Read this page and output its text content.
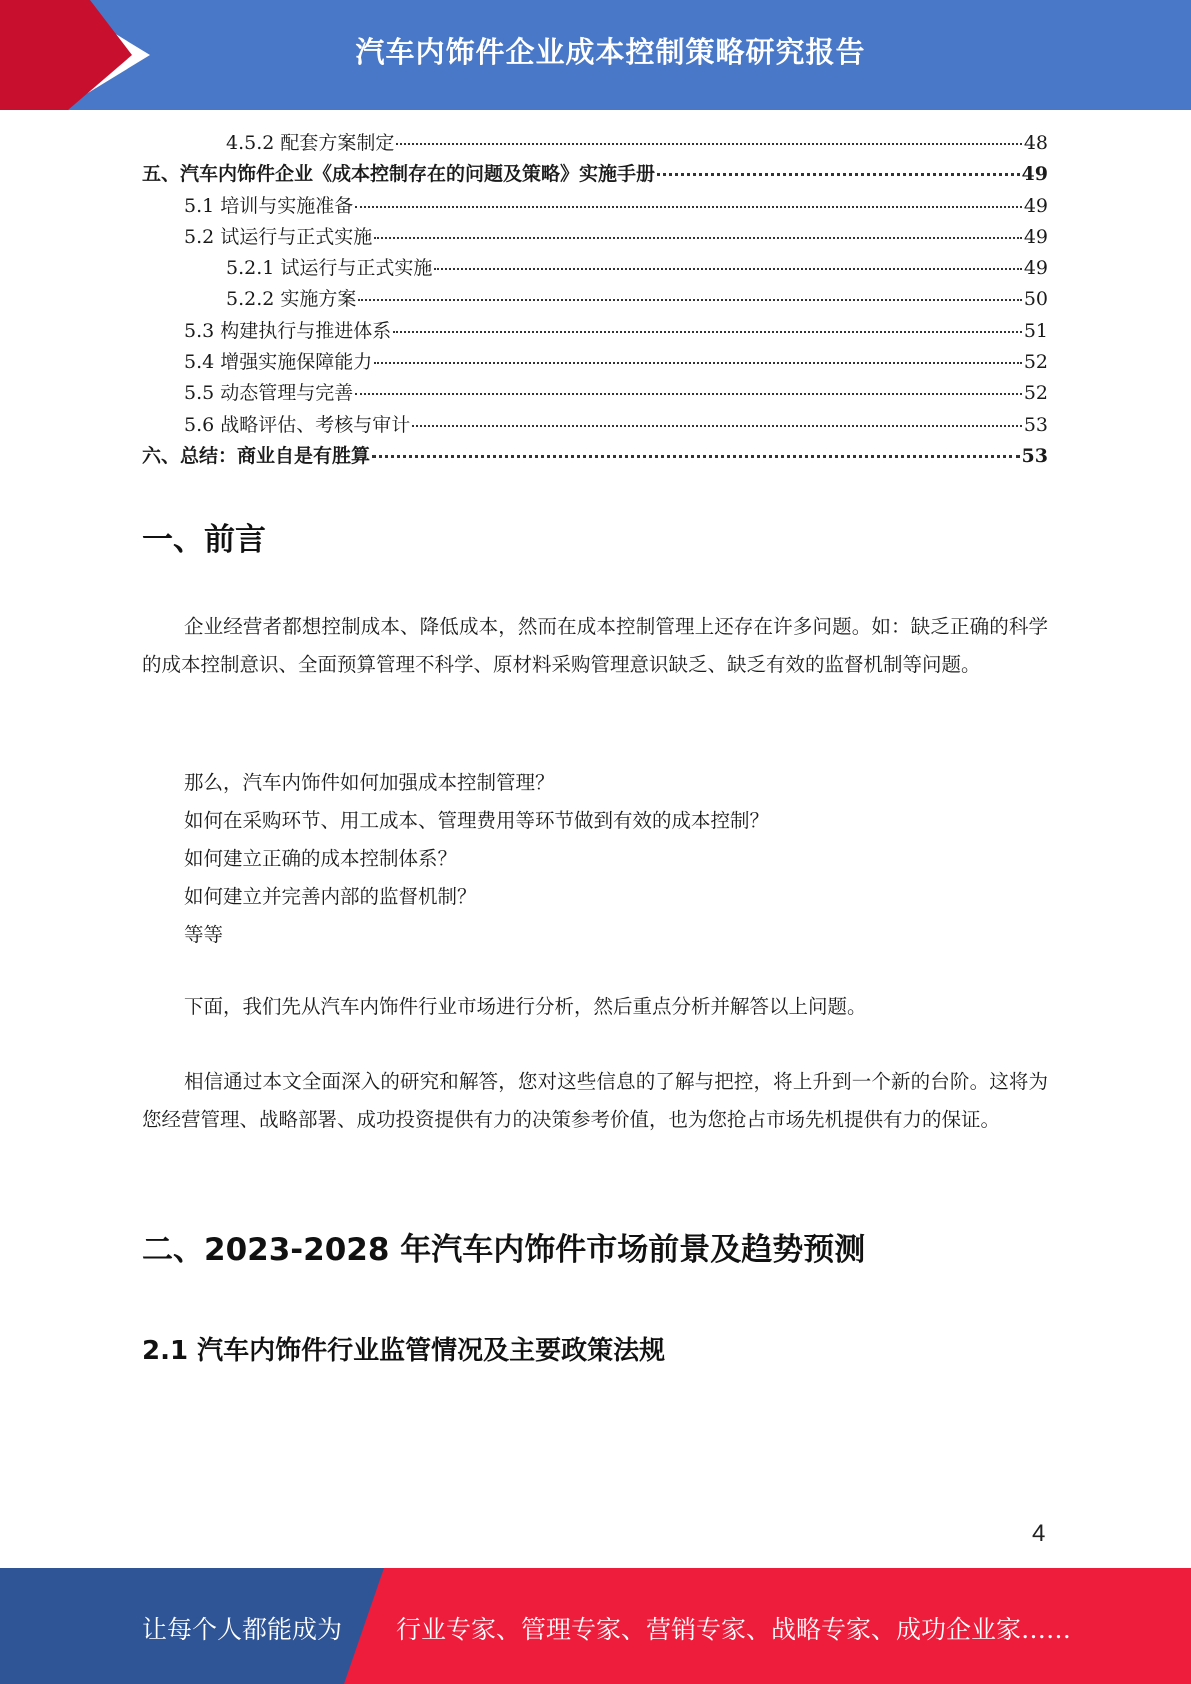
汽车内饰件企业成本控制策略研究报告
4.5.2 配套方案制定	48
五、汽车内饰件企业《成本控制存在的问题及策略》实施手册	49
5.1 培训与实施准备	49
5.2 试运行与正式实施	49
5.2.1 试运行与正式实施	49
5.2.2 实施方案	50
5.3 构建执行与推进体系	51
5.4 增强实施保障能力	52
5.5 动态管理与完善	52
5.6 战略评估、考核与审计	53
六、总结：商业自是有胜算	53
一、前言

企业经营者都想控制成本、降低成本，然而在成本控制管理上还存在许多问题。如：缺乏正确的科学的成本控制意识、全面预算管理不科学、原材料采购管理意识缺乏、缺乏有效的监督机制等问题。

那么，汽车内饰件如何加强成本控制管理？
如何在采购环节、用工成本、管理费用等环节做到有效的成本控制？
如何建立正确的成本控制体系？
如何建立并完善内部的监督机制？
等等

下面，我们先从汽车内饰件行业市场进行分析，然后重点分析并解答以上问题。

相信通过本文全面深入的研究和解答，您对这些信息的了解与把控，将上升到一个新的台阶。这将为您经营管理、战略部署、成功投资提供有力的决策参考价值，也为您抢占市场先机提供有力的保证。

二、2023-2028 年汽车内饰件市场前景及趋势预测
2.1 汽车内饰件行业监管情况及主要政策法规
4
让每个人都能成为 行业专家、管理专家、营销专家、战略专家、成功企业家……
